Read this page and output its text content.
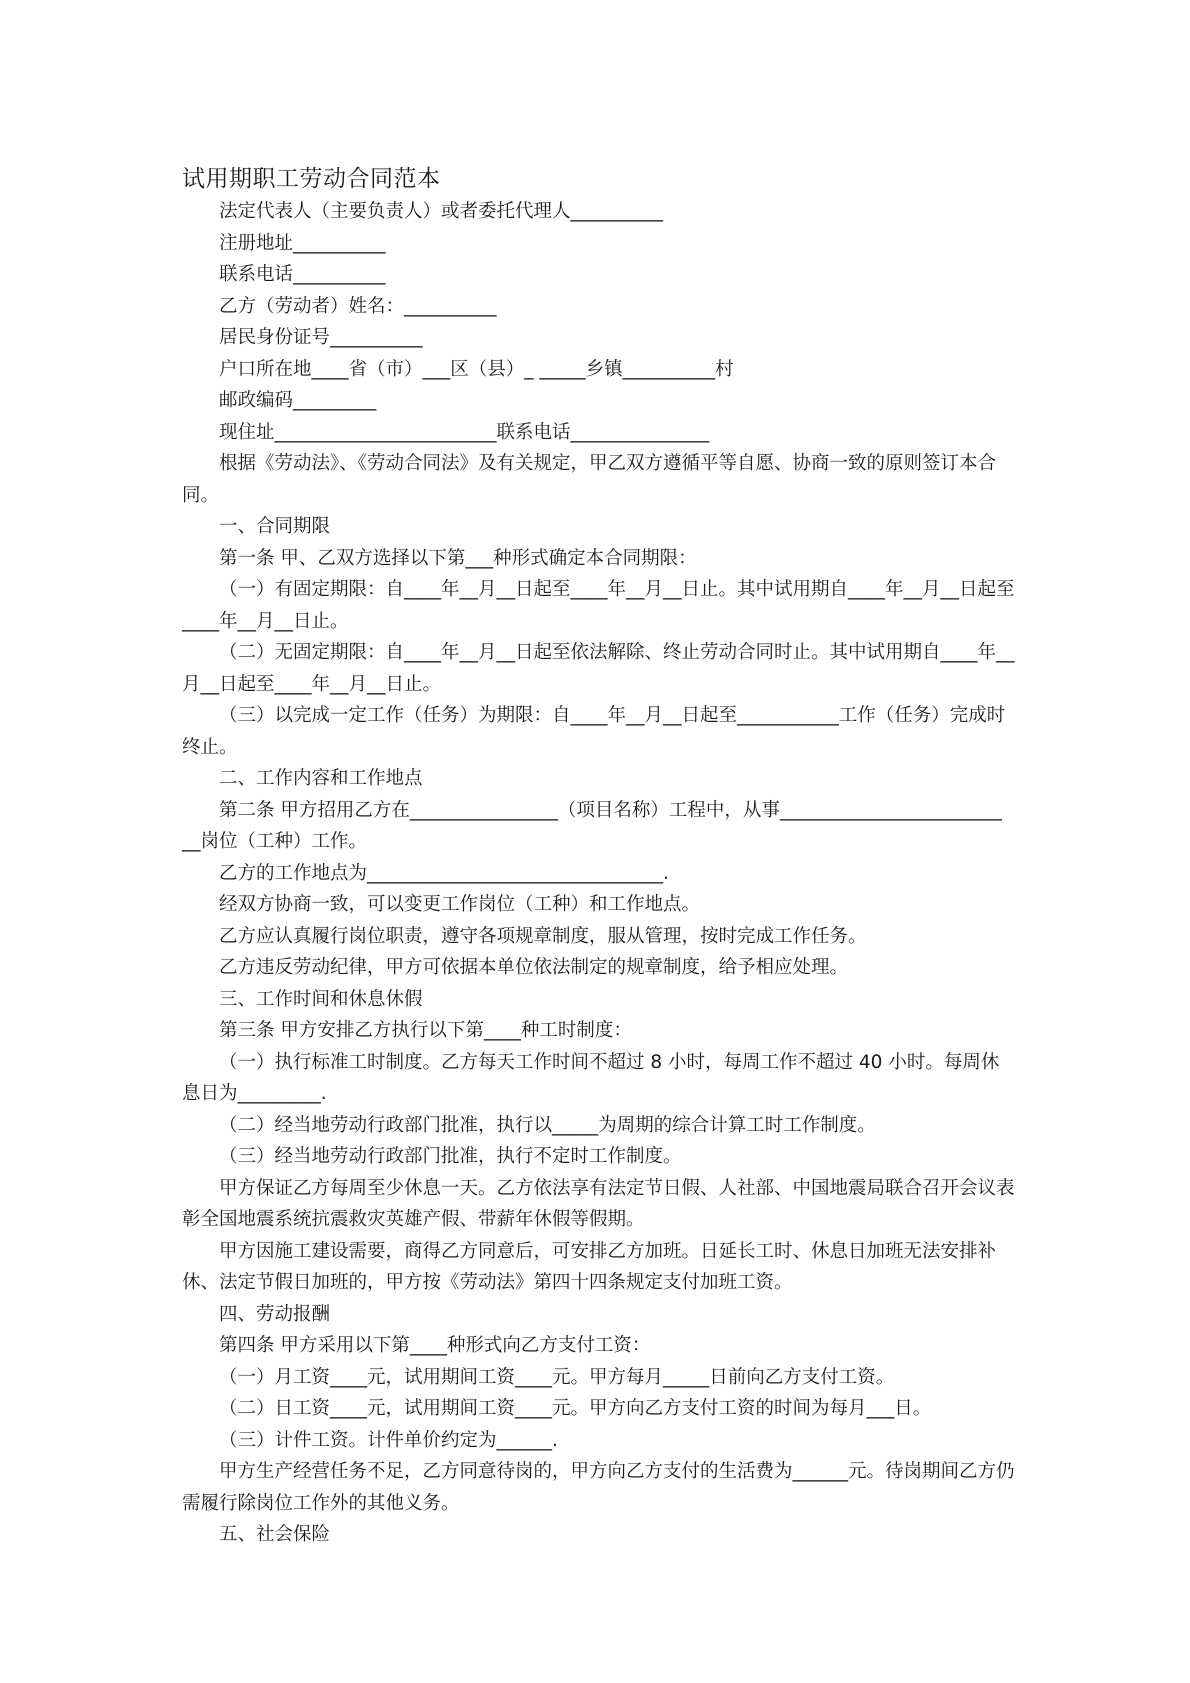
试用期职工劳动合同范本

法定代表人（主要负责人）或者委托代理人__________

注册地址__________

联系电话__________

乙方（劳动者）姓名：__________

居民身份证号__________

户口所在地____省（市）___区（县）_ _____乡镇__________村

邮政编码_________

现住址________________________联系电话_______________

根据《劳动法》、《劳动合同法》及有关规定，甲乙双方遵循平等自愿、协商一致的原则签订本合同。

一、合同期限

第一条 甲、乙双方选择以下第___种形式确定本合同期限：

（一）有固定期限：自____年__月__日起至____年__月__日止。其中试用期自____年__月__日起至____年__月__日止。

（二）无固定期限：自____年__月__日起至依法解除、终止劳动合同时止。其中试用期自____年__月__日起至____年__月__日止。

（三）以完成一定工作（任务）为期限：自____年__月__日起至___________工作（任务）完成时终止。

二、工作内容和工作地点

第二条 甲方招用乙方在________________（项目名称）工程中，从事________________________ __岗位（工种）工作。

乙方的工作地点为________________________________.

经双方协商一致，可以变更工作岗位（工种）和工作地点。

乙方应认真履行岗位职责，遵守各项规章制度，服从管理，按时完成工作任务。

乙方违反劳动纪律，甲方可依据本单位依法制定的规章制度，给予相应处理。

三、工作时间和休息休假

第三条 甲方安排乙方执行以下第____种工时制度：

（一）执行标准工时制度。乙方每天工作时间不超过 8 小时，每周工作不超过 40 小时。每周休息日为_________.

（二）经当地劳动行政部门批准，执行以_____为周期的综合计算工时工作制度。

（三）经当地劳动行政部门批准，执行不定时工作制度。

甲方保证乙方每周至少休息一天。乙方依法享有法定节日假、人社部、中国地震局联合召开会议表彰全国地震系统抗震救灾英雄产假、带薪年休假等假期。

甲方因施工建设需要，商得乙方同意后，可安排乙方加班。日延长工时、休息日加班无法安排补休、法定节假日加班的，甲方按《劳动法》第四十四条规定支付加班工资。

四、劳动报酬

第四条 甲方采用以下第____种形式向乙方支付工资：

（一）月工资____元，试用期间工资____元。甲方每月_____日前向乙方支付工资。

（二）日工资____元，试用期间工资____元。甲方向乙方支付工资的时间为每月___日。

（三）计件工资。计件单价约定为______.

甲方生产经营任务不足，乙方同意待岗的，甲方向乙方支付的生活费为______元。待岗期间乙方仍需履行除岗位工作外的其他义务。

五、社会保险
